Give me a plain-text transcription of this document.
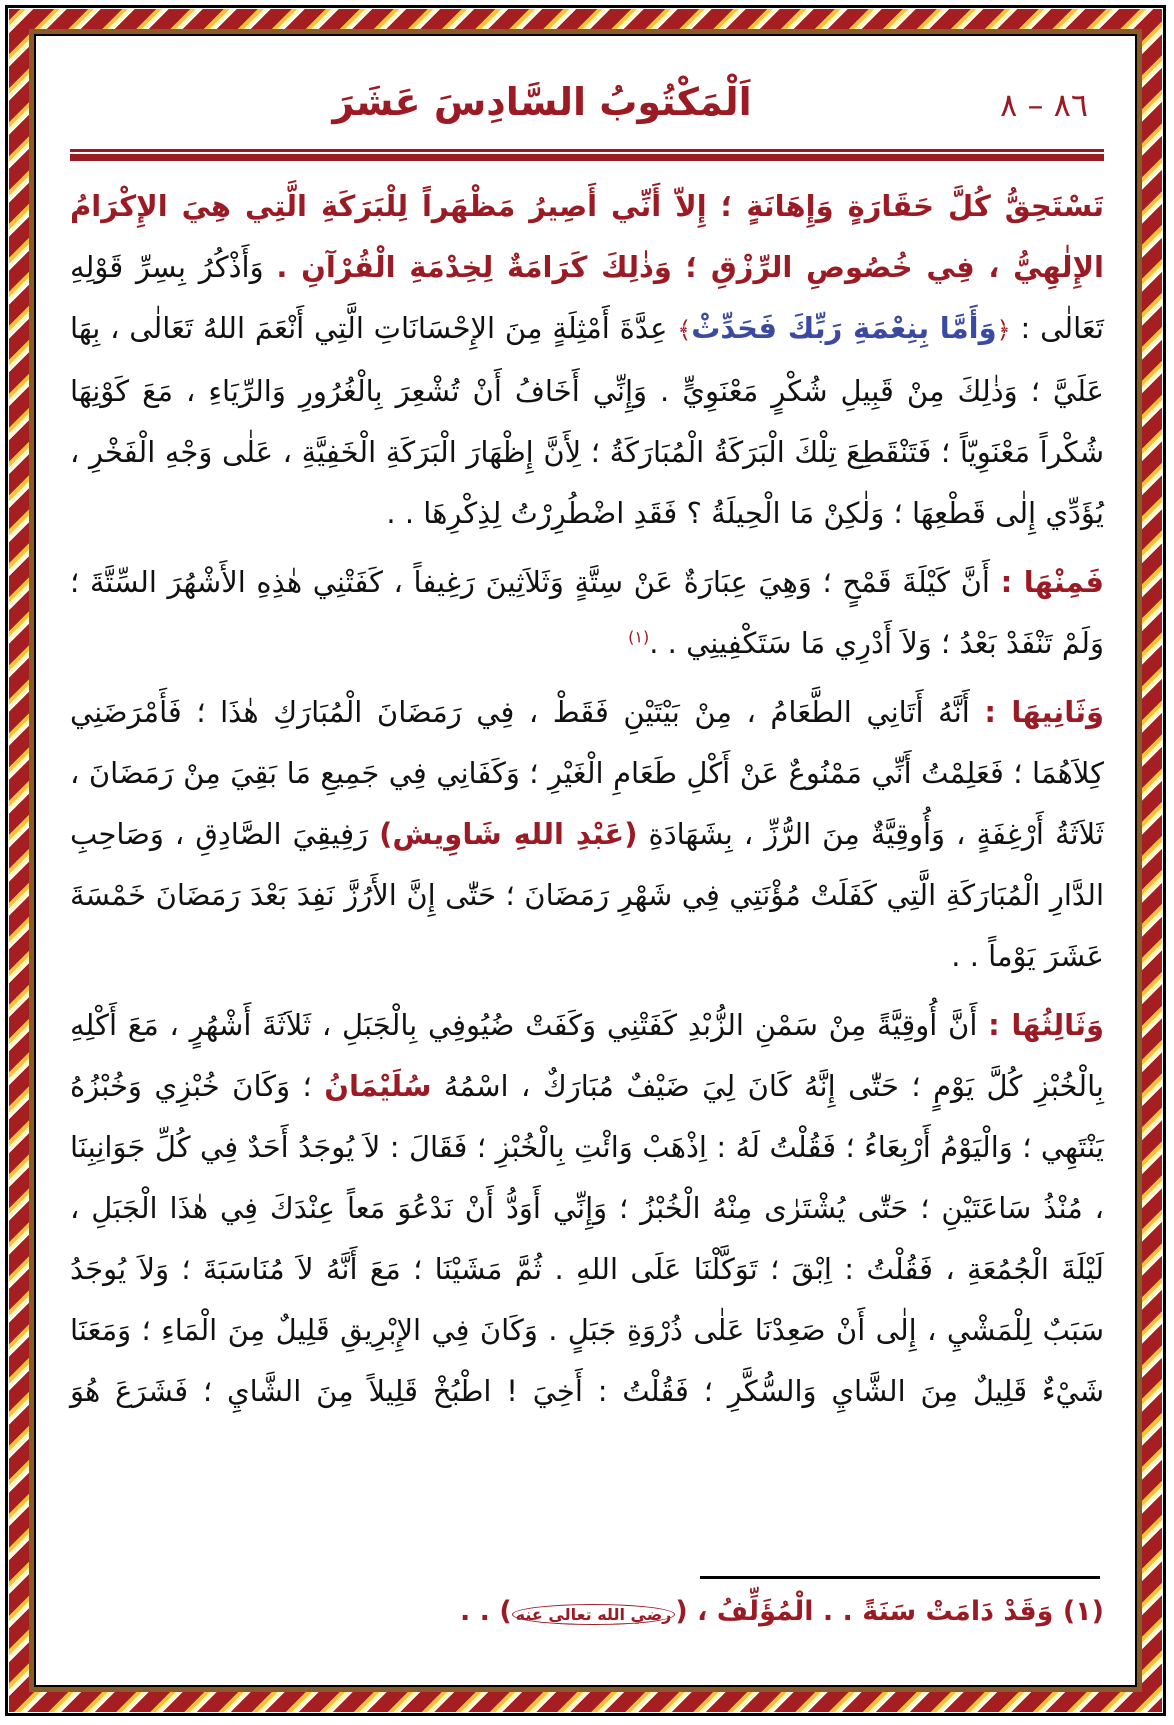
٨٦ – ٨
اَلْمَكْتُوبُ السَّادِسَ عَشَرَ

تَسْتَحِقُّ كُلَّ حَقَارَةٍ وَإِهَانَةٍ ؛ إِلاّ أَنِّي أَصِيرُ مَظْهَراً لِلْبَرَكَةِ الَّتِي هِيَ الإِكْرَامُ الإِلٰهِيُّ ، فِي خُصُوصِ الرِّزْقِ ؛ وَذٰلِكَ كَرَامَةٌ لِخِدْمَةِ الْقُرْآنِ . وَأَذْكُرُ بِسِرِّ قَوْلِهِ تَعَالٰى : ﴿وَأَمَّا بِنِعْمَةِ رَبِّكَ فَحَدِّثْ﴾ عِدَّةَ أَمْثِلَةٍ مِنَ الإِحْسَانَاتِ الَّتِي أَنْعَمَ اللهُ تَعَالٰى ، بِهَا عَلَيَّ ؛ وَذٰلِكَ مِنْ قَبِيلِ شُكْرٍ مَعْنَوِيٍّ . وَإِنِّي أَخَافُ أَنْ تُشْعِرَ بِالْغُرُورِ وَالرِّيَاءِ ، مَعَ كَوْنِهَا شُكْراً مَعْنَوِيّاً ؛ فَتَنْقَطِعَ تِلْكَ الْبَرَكَةُ الْمُبَارَكَةُ ؛ لِأَنَّ إِظْهَارَ الْبَرَكَةِ الْخَفِيَّةِ ، عَلٰى وَجْهِ الْفَخْرِ ، يُؤَدِّي إِلٰى قَطْعِهَا ؛ وَلٰكِنْ مَا الْحِيلَةُ ؟ فَقَدِ اضْطُرِرْتُ لِذِكْرِهَا . .

فَمِنْهَا : أَنَّ كَيْلَةَ قَمْحٍ ؛ وَهِيَ عِبَارَةٌ عَنْ سِتَّةٍ وَثَلاَثِينَ رَغِيفاً ، كَفَتْنِي هٰذِهِ الأَشْهُرَ السِّتَّةَ ؛ وَلَمْ تَنْفَدْ بَعْدُ ؛ وَلاَ أَدْرِي مَا سَتَكْفِينِي . .$^{(١)}$

وَثَانِيهَا : أَنَّهُ أَتَانِي الطَّعَامُ ، مِنْ بَيْتَيْنِ فَقَطْ ، فِي رَمَضَانَ الْمُبَارَكِ هٰذَا ؛ فَأَمْرَضَنِي كِلاَهُمَا ؛ فَعَلِمْتُ أَنِّي مَمْنُوعٌ عَنْ أَكْلِ طَعَامِ الْغَيْرِ ؛ وَكَفَانِي فِي جَمِيعِ مَا بَقِيَ مِنْ رَمَضَانَ ، ثَلاَثَةُ أَرْغِفَةٍ ، وَأُوقِيَّةٌ مِنَ الرُّزِّ ، بِشَهَادَةِ (عَبْدِ اللهِ شَاوِيش) رَفِيقِيَ الصَّادِقِ ، وَصَاحِبِ الدَّارِ الْمُبَارَكَةِ الَّتِي كَفَلَتْ مُؤْنَتِي فِي شَهْرِ رَمَضَانَ ؛ حَتّٰى إِنَّ الأَرُزَّ نَفِدَ بَعْدَ رَمَضَانَ خَمْسَةَ عَشَرَ يَوْماً . .

وَثَالِثُهَا : أَنَّ أُوقِيَّةً مِنْ سَمْنِ الزُّبْدِ كَفَتْنِي وَكَفَتْ ضُيُوفِي بِالْجَبَلِ ، ثَلاَثَةَ أَشْهُرٍ ، مَعَ أَكْلِهِ بِالْخُبْزِ كُلَّ يَوْمٍ ؛ حَتّٰى إِنَّهُ كَانَ لِيَ ضَيْفٌ مُبَارَكٌ ، اسْمُهُ سُلَيْمَانُ ؛ وَكَانَ خُبْزِي وَخُبْزُهُ يَنْتَهِي ؛ وَالْيَوْمُ أَرْبِعَاءُ ؛ فَقُلْتُ لَهُ : اِذْهَبْ وَائْتِ بِالْخُبْزِ ؛ فَقَالَ : لاَ يُوجَدُ أَحَدٌ فِي كُلِّ جَوَانِبِنَا ، مُنْذُ سَاعَتَيْنِ ؛ حَتّٰى يُشْتَرٰى مِنْهُ الْخُبْزُ ؛ وَإِنِّي أَوَدُّ أَنْ نَدْعُوَ مَعاً عِنْدَكَ فِي هٰذَا الْجَبَلِ ، لَيْلَةَ الْجُمُعَةِ ، فَقُلْتُ : اِبْقَ ؛ تَوَكَّلْنَا عَلَى اللهِ . ثُمَّ مَشَيْنَا ؛ مَعَ أَنَّهُ لاَ مُنَاسَبَةَ ؛ وَلاَ يُوجَدُ سَبَبٌ لِلْمَشْيِ ، إِلٰى أَنْ صَعِدْنَا عَلٰى ذُرْوَةِ جَبَلٍ . وَكَانَ فِي الإِبْرِيقِ قَلِيلٌ مِنَ الْمَاءِ ؛ وَمَعَنَا شَيْءٌ قَلِيلٌ مِنَ الشَّايِ وَالسُّكَّرِ ؛ فَقُلْتُ : أَخِيَ ! اطْبُخْ قَلِيلاً مِنَ الشَّايِ ؛ فَشَرَعَ هُوَ

(١) وَقَدْ دَامَتْ سَنَةً . . الْمُؤَلِّفُ ، (رضي الله تعالى عنه) . .
